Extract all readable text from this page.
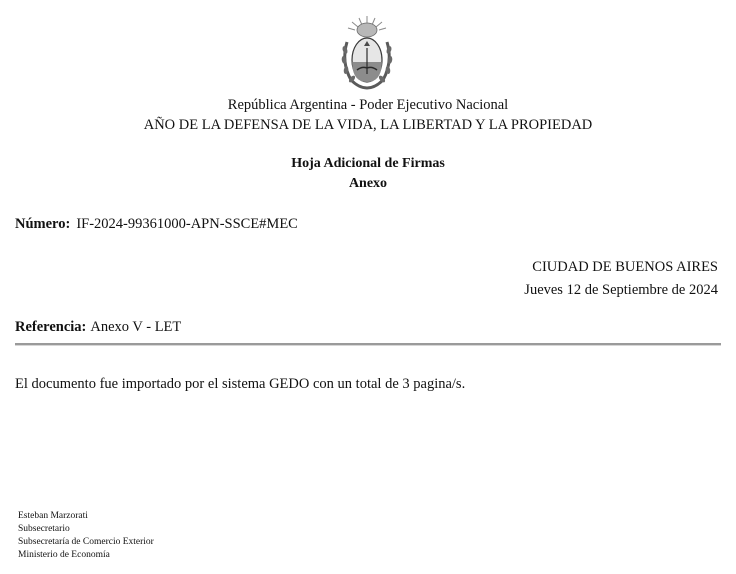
República Argentina - Poder Ejecutivo Nacional
AÑO DE LA DEFENSA DE LA VIDA, LA LIBERTAD Y LA PROPIEDAD
Hoja Adicional de Firmas
Anexo
Número: IF-2024-99361000-APN-SSCE#MEC
CIUDAD DE BUENOS AIRES
Jueves 12 de Septiembre de 2024
Referencia: Anexo V - LET
El documento fue importado por el sistema GEDO con un total de 3 pagina/s.
Esteban Marzorati
Subsecretario
Subsecretaría de Comercio Exterior
Ministerio de Economía
